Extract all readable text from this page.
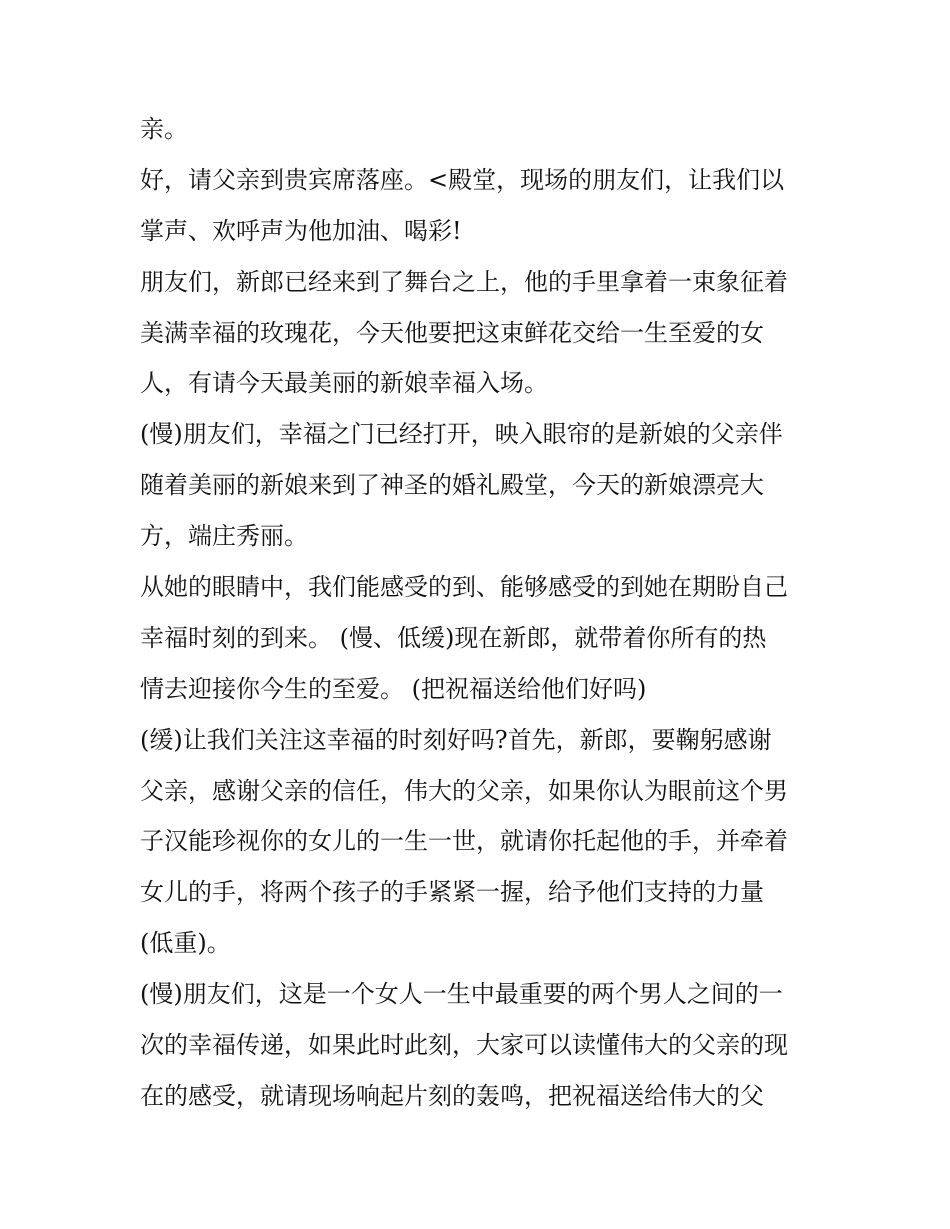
亲。
好，请父亲到贵宾席落座。<殿堂，现场的朋友们，让我们以
掌声、欢呼声为他加油、喝彩!
朋友们，新郎已经来到了舞台之上，他的手里拿着一束象征着
美满幸福的玫瑰花，今天他要把这束鲜花交给一生至爱的女
人，有请今天最美丽的新娘幸福入场。
(慢)朋友们，幸福之门已经打开，映入眼帘的是新娘的父亲伴
随着美丽的新娘来到了神圣的婚礼殿堂，今天的新娘漂亮大
方，端庄秀丽。
从她的眼睛中，我们能感受的到、能够感受的到她在期盼自己
幸福时刻的到来。 (慢、低缓)现在新郎，就带着你所有的热
情去迎接你今生的至爱。 (把祝福送给他们好吗)
(缓)让我们关注这幸福的时刻好吗?首先，新郎，要鞠躬感谢
父亲，感谢父亲的信任，伟大的父亲，如果你认为眼前这个男
子汉能珍视你的女儿的一生一世，就请你托起他的手，并牵着
女儿的手，将两个孩子的手紧紧一握，给予他们支持的力量
(低重)。
(慢)朋友们，这是一个女人一生中最重要的两个男人之间的一
次的幸福传递，如果此时此刻，大家可以读懂伟大的父亲的现
在的感受，就请现场响起片刻的轰鸣，把祝福送给伟大的父
